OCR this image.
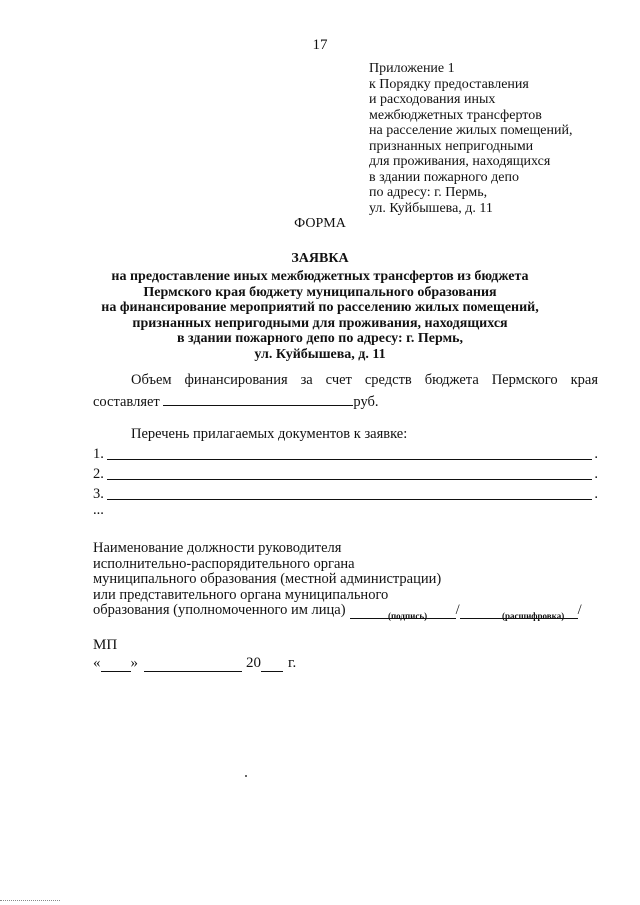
17
Приложение 1
к Порядку предоставления
и расходования иных
межбюджетных трансфертов
на расселение жилых помещений,
признанных непригодными
для проживания, находящихся
в здании пожарного депо
по адресу: г. Пермь,
ул. Куйбышева, д. 11
ФОРМА
ЗАЯВКА
на предоставление иных межбюджетных трансфертов из бюджета
Пермского края бюджету муниципального образования
на финансирование мероприятий по расселению жилых помещений,
признанных непригодными для проживания, находящихся
в здании пожарного депо по адресу: г. Пермь,
ул. Куйбышева, д. 11
Объем финансирования за счет средств бюджета Пермского края
составляет	руб.
Перечень прилагаемых документов к заявке:
1.	.
2.	.
3.	.
...
Наименование должности руководителя
исполнительно-распорядительного органа
муниципального образования (местной администрации)
или представительного органа муниципального
образования (уполномоченного им лица)	/	/
(подпись)	(расшифровка)
МП
« »	20 г.
